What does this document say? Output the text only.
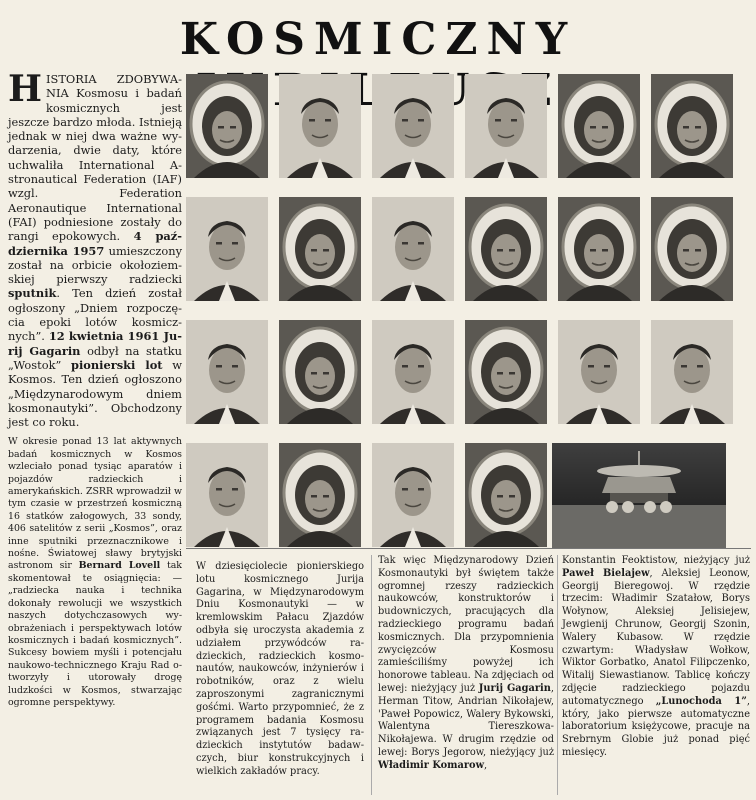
KOSMICZNY

HISTORIA ZDOBYWANIA Kosmosu i badań kosmicznych jest jeszcze bardzo młoda. Istnieją jednak w niej dwa ważne wydarzenia, dwie daty, które uchwaliła International Astronautical Federation (IAF) wzgl. Federation Aeronautique International (FAI) podniesione zostały do rangi epokowych. 4 października 1957 umieszczony został na orbicie okołoziemskiej pierwszy radziecki sputnik. Ten dzień został ogłoszony „Dniem rozpoczęcia epoki lotów kosmicznych”. 12 kwietnia 1961 Jurij Gagarin odbył na statku „Wostok” pionierski lot w Kosmos. Ten dzień ogłoszono „Międzynarodowym dniem kosmonautyki”. Obchodzony jest co roku.

W okresie ponad 13 lat aktywnych badań kosmicznych w Kosmos wzleciało ponad tysiąc aparatów i pojazdów radzieckich i amerykańskich. ZSRR wprowadził w tym czasie w przestrzeń kosmiczną 16 statków załogowych, 33 sondy, 406 satelitów z serii „Kosmos”, oraz inne sputniki przeznacznikowe i nośne. Światowej sławy brytyjski astronom sir Bernard Lovell tak skomentował te osiągnięcia: — „radziecka nauka i technika dokonały rewolucji we wszystkich naszych dotychczasowych wyobrażeniach i perspektywach lotów kosmicznych i badań kosmicznych”. Sukcesy bowiem myśli i potencjału naukowo-technicznego Kraju Rad otworzyły i utorowały drogę ludzkości w Kosmos, stwarzając ogromne perspektywy.

W dziesięciolecie pionierskiego lotu kosmicznego Jurija Gagarina, w Międzynarodowym Dniu Kosmonautyki — w kremlowskim Pałacu Zjazdów odbyła się uroczysta akademia z udziałem przywódców radzieckich, radzieckich kosmonautów, naukowców, inżynierów i robotników, oraz z wielu zaproszonymi zagranicznymi gośćmi. Warto przypomnieć, że z programem badania Kosmosu związanych jest 7 tysięcy radzieckich instytutów badawczych, biur konstrukcyjnych i wielkich zakładów pracy.
Tak więc Międzynarodowy Dzień Kosmonautyki był świętem także ogromnej rzeszy radzieckich naukowców, konstruktorów i budowniczych, pracujących dla radzieckiego programu badań kosmicznych. Dla przypomnienia zwycięzców Kosmosu zamieściliśmy powyżej ich honorowe tableau. Na zdjęciach od lewej: nieżyjący już Jurij Gagarin, Herman Titow, Andrian Nikołajew, 'Paweł Popowicz, Walery Bykowski, Walentyna Tiereszkowa-Nikołajewa. W drugim rzędzie od lewej: Borys Jegorow, nieżyjący już Władimir Komarow,
Konstantin Feoktistow, nieżyjący już Paweł Bielajew, Aleksiej Leonow, Georgij Bieregowoj. W rzędzie trzecim: Władimir Szatałow, Borys Wołynow, Aleksiej Jelisiejew, Jewgienij Chrunow, Georgij Szonin, Walery Kubasow. W rzędzie czwartym: Władysław Wołkow, Wiktor Gorbatko, Anatol Filipczenko, Witalij Siewastianow. Tablicę kończy zdjęcie radzieckiego pojazdu automatycznego „Lunochoda 1”, który, jako pierwsze automatyczne laboratorium księżycowe, pracuje na Srebrnym Globie już ponad pięć miesięcy.
